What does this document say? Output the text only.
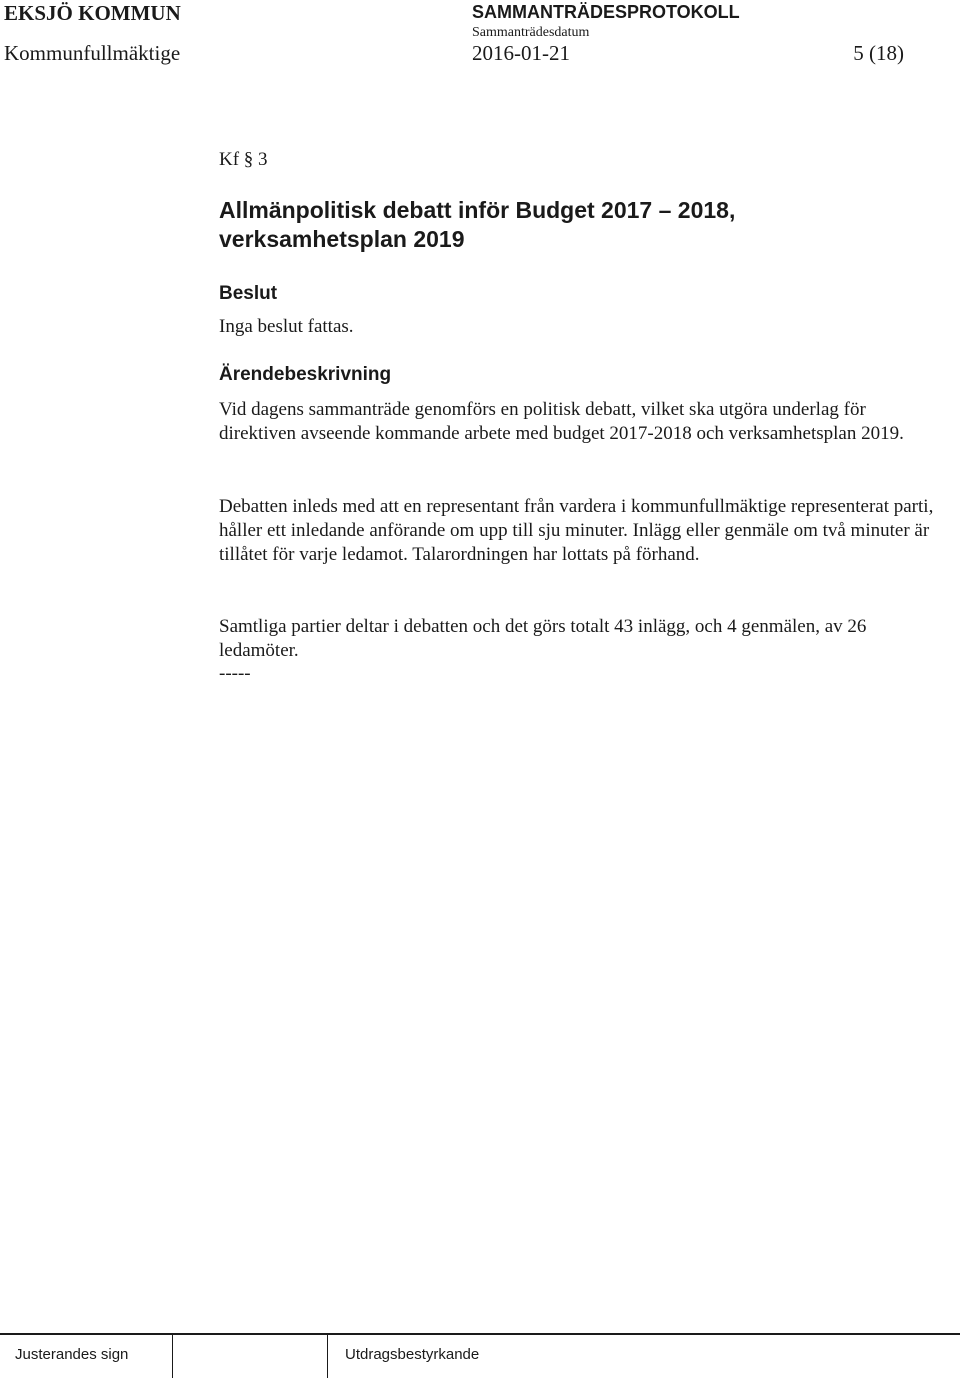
EKSJÖ KOMMUN	SAMMANTRÄDESPROTOKOLL
Sammanträdesdatum
Kommunfullmäktige	2016-01-21	5 (18)
Kf § 3
Allmänpolitisk debatt inför Budget 2017 – 2018, verksamhetsplan 2019
Beslut
Inga beslut fattas.
Ärendebeskrivning
Vid dagens sammanträde genomförs en politisk debatt, vilket ska utgöra underlag för direktiven avseende kommande arbete med budget 2017-2018 och verksamhetsplan 2019.
Debatten inleds med att en representant från vardera i kommunfullmäktige representerat parti, håller ett inledande anförande om upp till sju minuter. Inlägg eller genmäle om två minuter är tillåtet för varje ledamot. Talarordningen har lottats på förhand.
Samtliga partier deltar i debatten och det görs totalt 43 inlägg, och 4 genmälen, av 26 ledamöter.
-----
Justerandes sign	Utdragsbestyrkande
